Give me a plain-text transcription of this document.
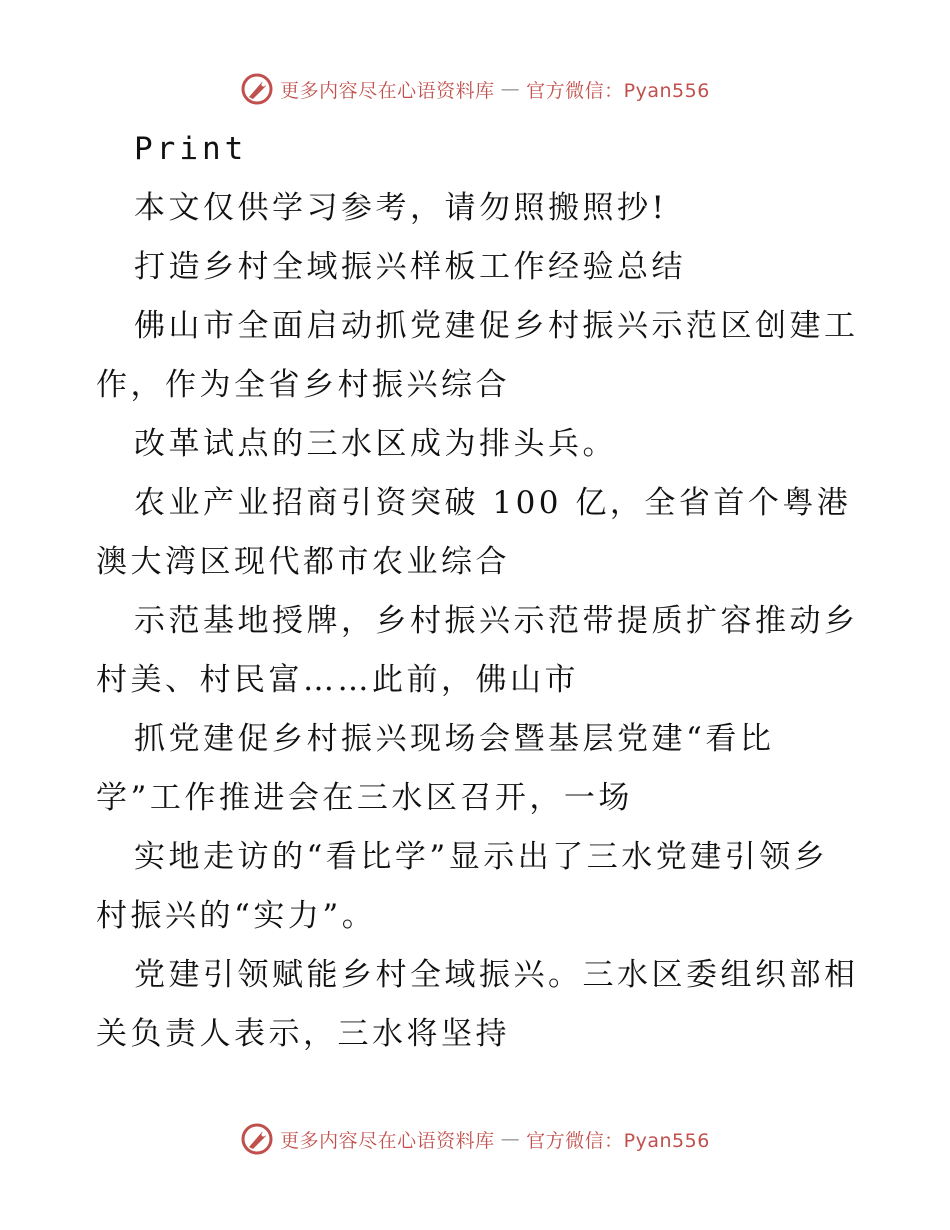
更多内容尽在心语资料库 — 官方微信：Pyan556

Print

本文仅供学习参考，请勿照搬照抄!

打造乡村全域振兴样板工作经验总结

佛山市全面启动抓党建促乡村振兴示范区创建工

作，作为全省乡村振兴综合

改革试点的三水区成为排头兵。

农业产业招商引资突破 100 亿，全省首个粤港

澳大湾区现代都市农业综合

示范基地授牌，乡村振兴示范带提质扩容推动乡

村美、村民富……此前，佛山市

抓党建促乡村振兴现场会暨基层党建“看比

学”工作推进会在三水区召开，一场

实地走访的“看比学”显示出了三水党建引领乡

村振兴的“实力”。

党建引领赋能乡村全域振兴。三水区委组织部相

关负责人表示，三水将坚持

更多内容尽在心语资料库 — 官方微信：Pyan556
